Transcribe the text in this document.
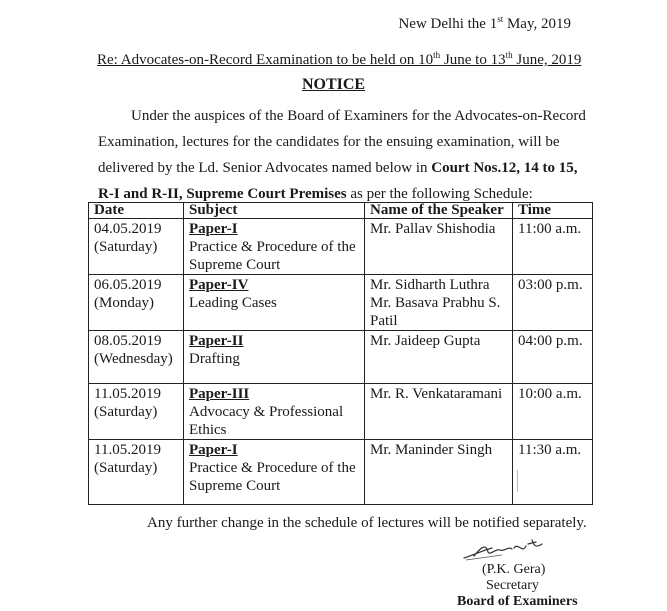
New Delhi the 1st May, 2019
Re: Advocates-on-Record Examination to be held on 10th June to 13th June, 2019
NOTICE
Under the auspices of the Board of Examiners for the Advocates-on-Record
Examination, lectures for the candidates for the ensuing examination, will be
delivered by the Ld. Senior Advocates named below in Court Nos.12, 14 to 15,
R-I and R-II, Supreme Court Premises as per the following Schedule:
Date	Subject	Name of the Speaker	Time

04.05.2019
(Saturday)	Paper-I
Practice & Procedure of the
Supreme Court	Mr. Pallav Shishodia	11:00 a.m.

06.05.2019
(Monday)	Paper-IV
Leading Cases	Mr. Sidharth Luthra
Mr. Basava Prabhu S.
Patil	03:00 p.m.

08.05.2019
(Wednesday)	Paper-II
Drafting	Mr. Jaideep Gupta	04:00 p.m.

11.05.2019
(Saturday)	Paper-III
Advocacy & Professional
Ethics	Mr. R. Venkataramani	10:00 a.m.

11.05.2019
(Saturday)	Paper-I
Practice & Procedure of the
Supreme Court	Mr. Maninder Singh	11:30 a.m.
Any further change in the schedule of lectures will be notified separately.
(P.K. Gera)
Secretary
Board of Examiners
